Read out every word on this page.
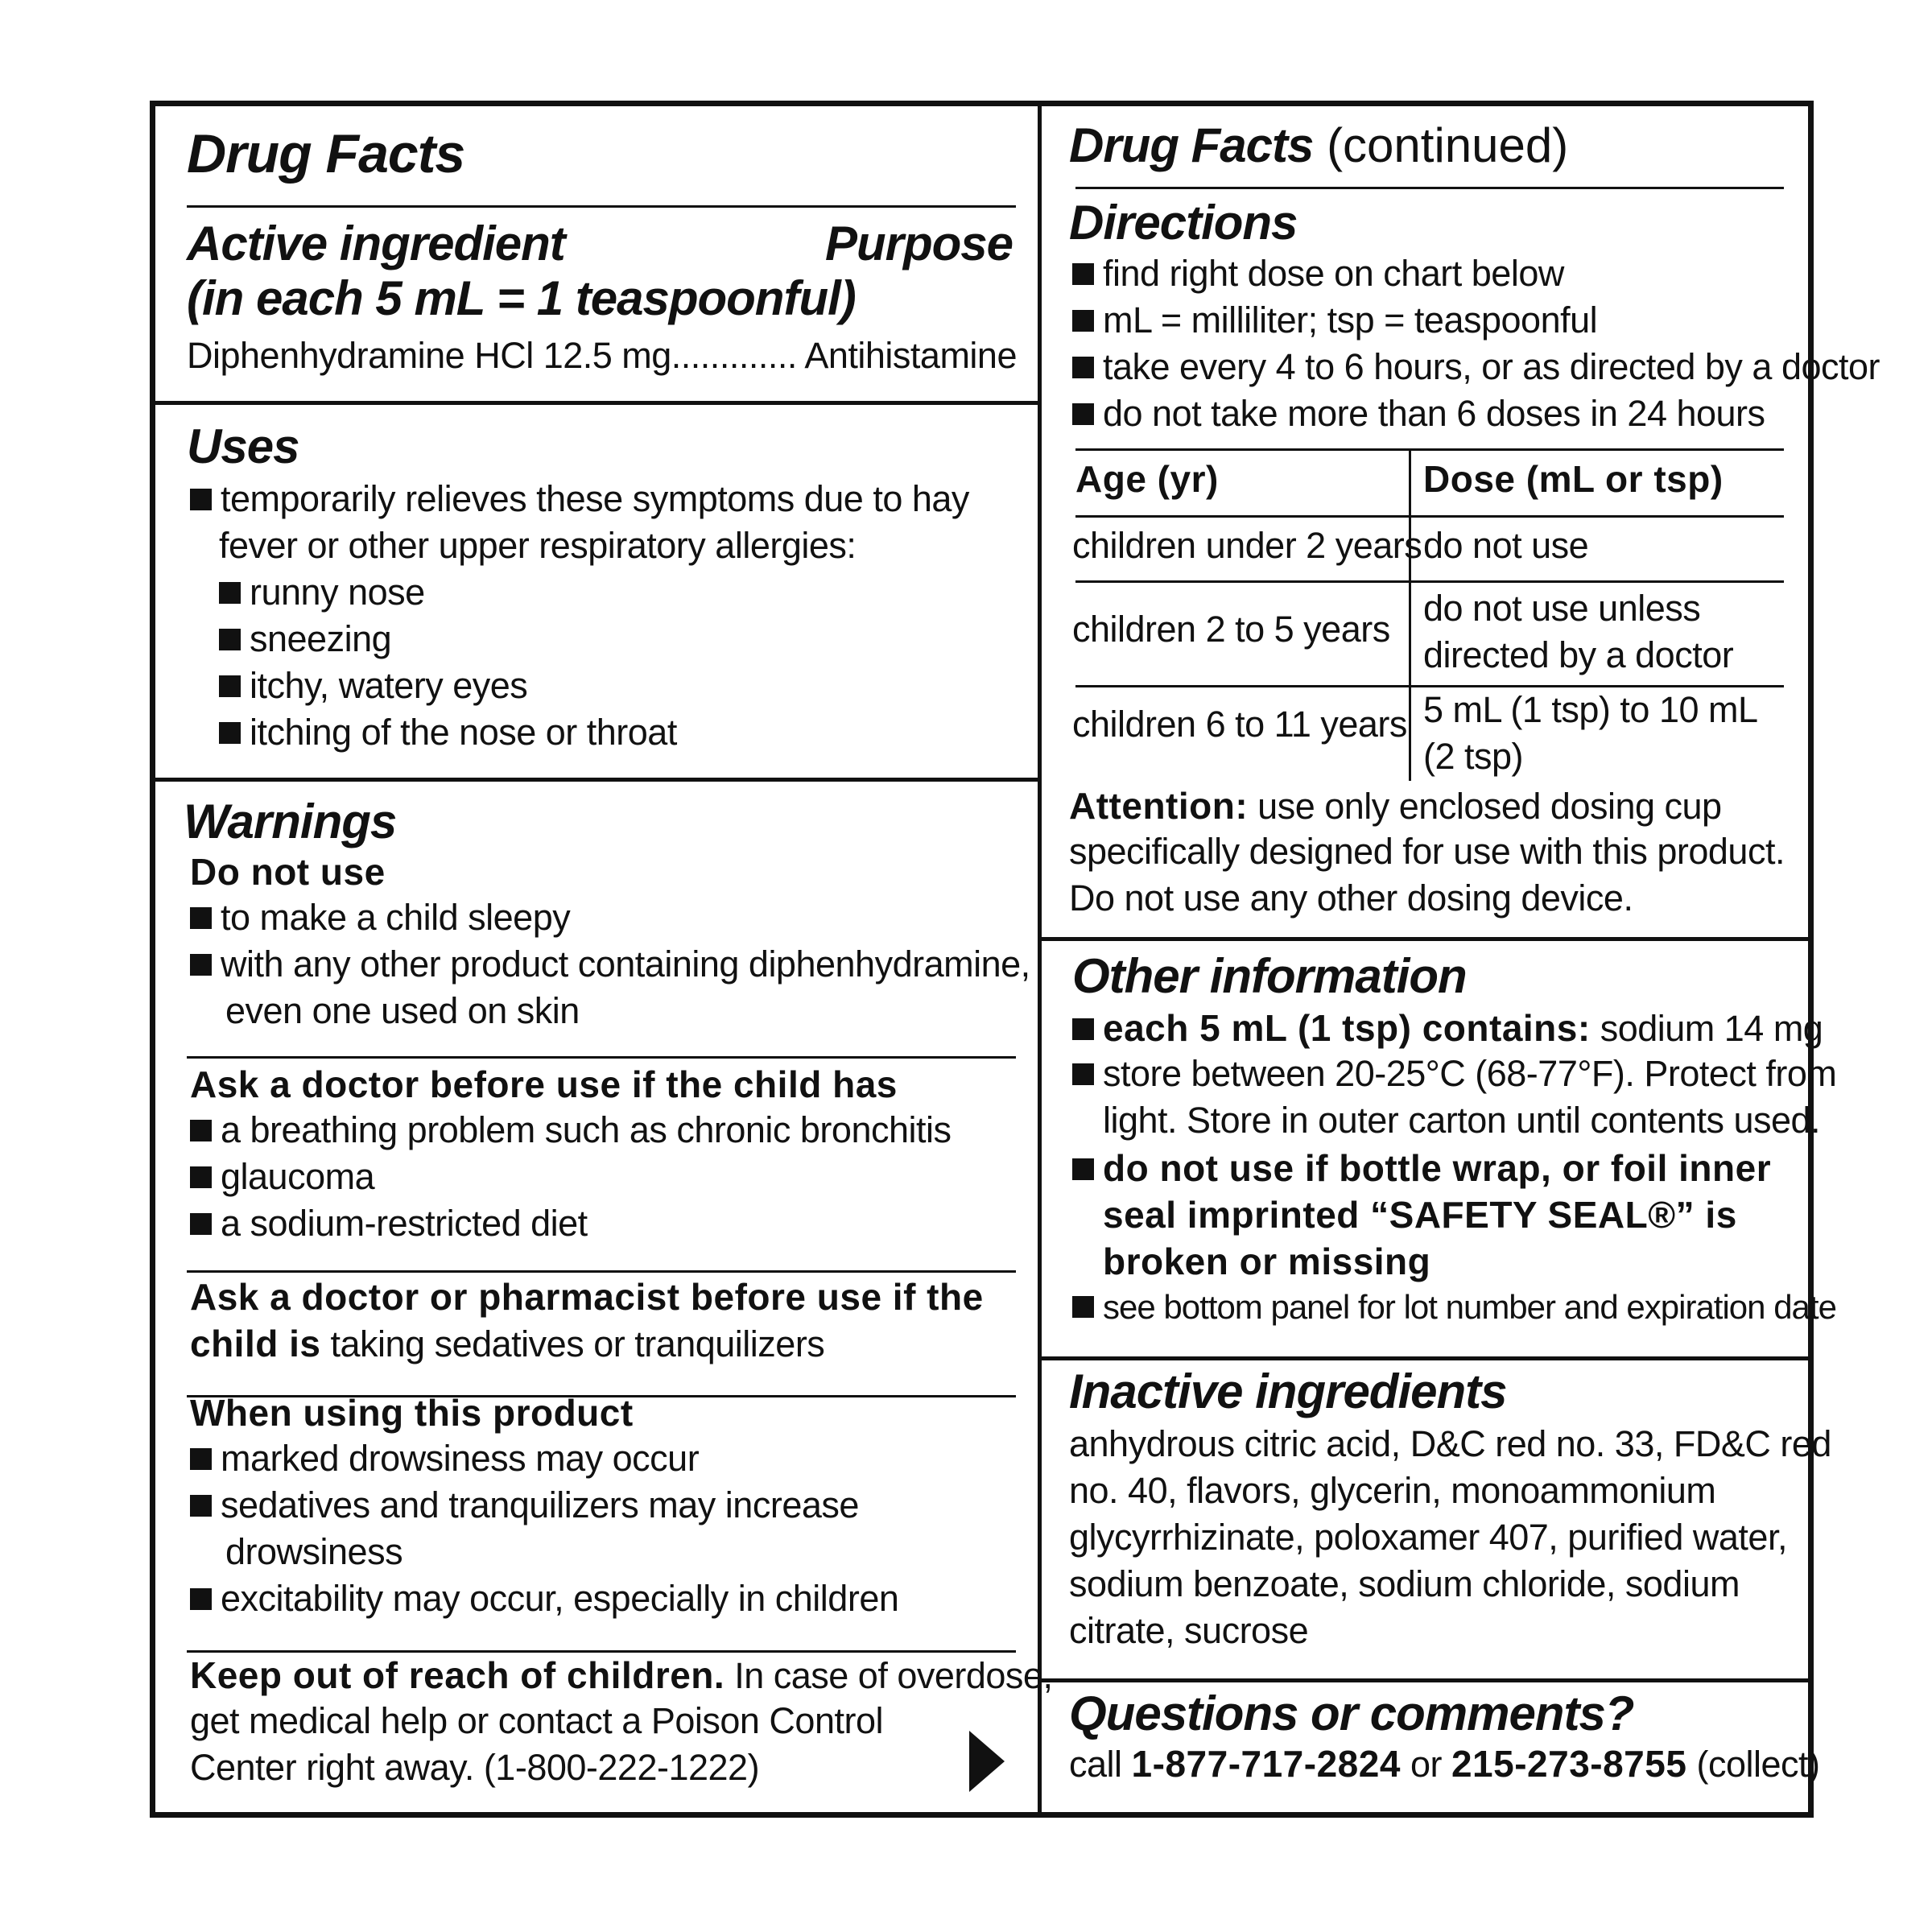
Drug Facts
Active ingredient	Purpose
(in each 5 mL = 1 teaspoonful)
Diphenhydramine HCl 12.5 mg............. Antihistamine
Uses
temporarily relieves these symptoms due to hay
fever or other upper respiratory allergies:
runny nose
sneezing
itchy, watery eyes
itching of the nose or throat
Warnings
Do not use
to make a child sleepy
with any other product containing diphenhydramine,
even one used on skin
Ask a doctor before use if the child has
a breathing problem such as chronic bronchitis
glaucoma
a sodium-restricted diet
Ask a doctor or pharmacist before use if the
child is taking sedatives or tranquilizers
When using this product
marked drowsiness may occur
sedatives and tranquilizers may increase
drowsiness
excitability may occur, especially in children
Keep out of reach of children. In case of overdose,
get medical help or contact a Poison Control
Center right away. (1-800-222-1222)
Drug Facts (continued)
Directions
find right dose on chart below
mL = milliliter; tsp = teaspoonful
take every 4 to 6 hours, or as directed by a doctor
do not take more than 6 doses in 24 hours
Age (yr)	Dose (mL or tsp)
children under 2 years do not use
children 2 to 5 years
do not use unless
directed by a doctor
children 6 to 11 years 5 mL (1 tsp) to 10 mL
(2 tsp)
Attention: use only enclosed dosing cup
specifically designed for use with this product.
Do not use any other dosing device.
Other information
each 5 mL (1 tsp) contains: sodium 14 mg
store between 20-25°C (68-77°F). Protect from
light. Store in outer carton until contents used.
do not use if bottle wrap, or foil inner
seal imprinted “SAFETY SEAL®” is
broken or missing
see bottom panel for lot number and expiration date
Inactive ingredients
anhydrous citric acid, D&C red no. 33, FD&C red
no. 40, flavors, glycerin, monoammonium
glycyrrhizinate, poloxamer 407, purified water,
sodium benzoate, sodium chloride, sodium
citrate, sucrose
Questions or comments?
call 1-877-717-2824 or 215-273-8755 (collect)
